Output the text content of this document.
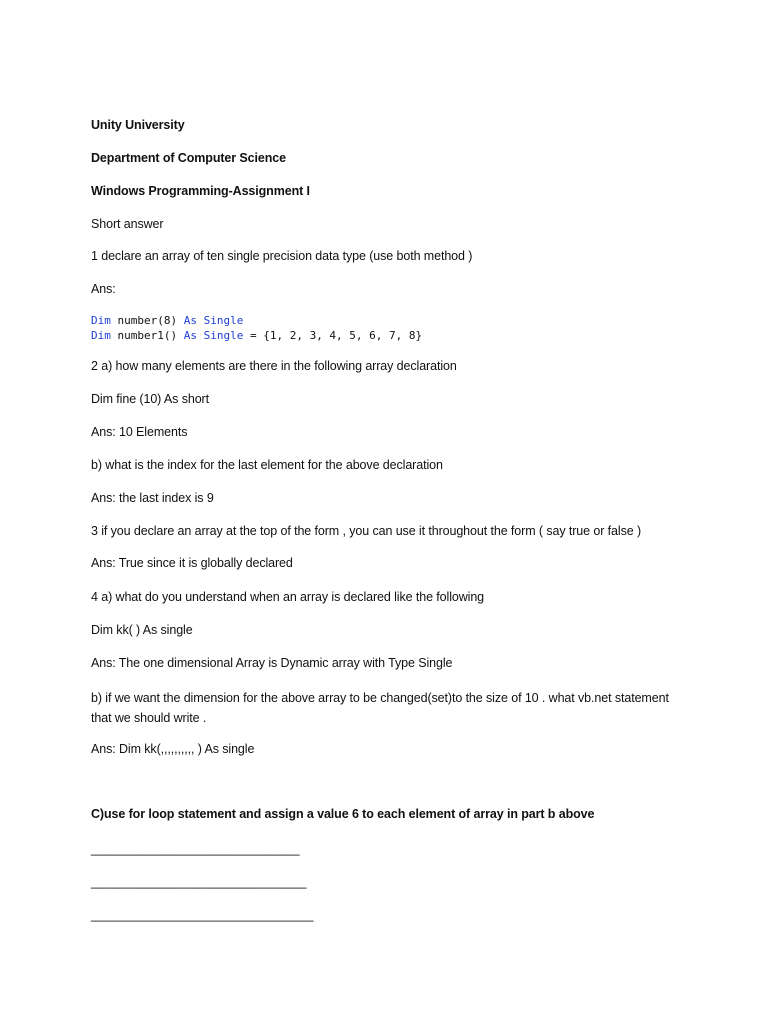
Unity University
Department of Computer Science
Windows Programming-Assignment I
Short answer
1 declare an array of ten single precision data type (use both method )
Ans:
Dim number(8) As Single
Dim number1() As Single = {1, 2, 3, 4, 5, 6, 7, 8}
2 a) how many elements are there in the following array declaration
Dim fine (10) As short
Ans: 10 Elements
b) what is the index for the last element for the above declaration
Ans: the last index is 9
3 if you declare an array at the top of the form , you can use it throughout the form ( say true or false )
Ans: True since it is globally declared
4 a) what do you understand when an array is declared like the following
Dim kk( ) As single
Ans: The one dimensional Array is Dynamic array with Type Single
b) if we want the dimension for the above array to be changed(set)to the size of 10 . what vb.net statement that we should write .
Ans: Dim kk(,,,,,,,,,, ) As single
C)use for loop statement and assign a value 6 to each element of array in part b above
______________________________
_______________________________
________________________________
